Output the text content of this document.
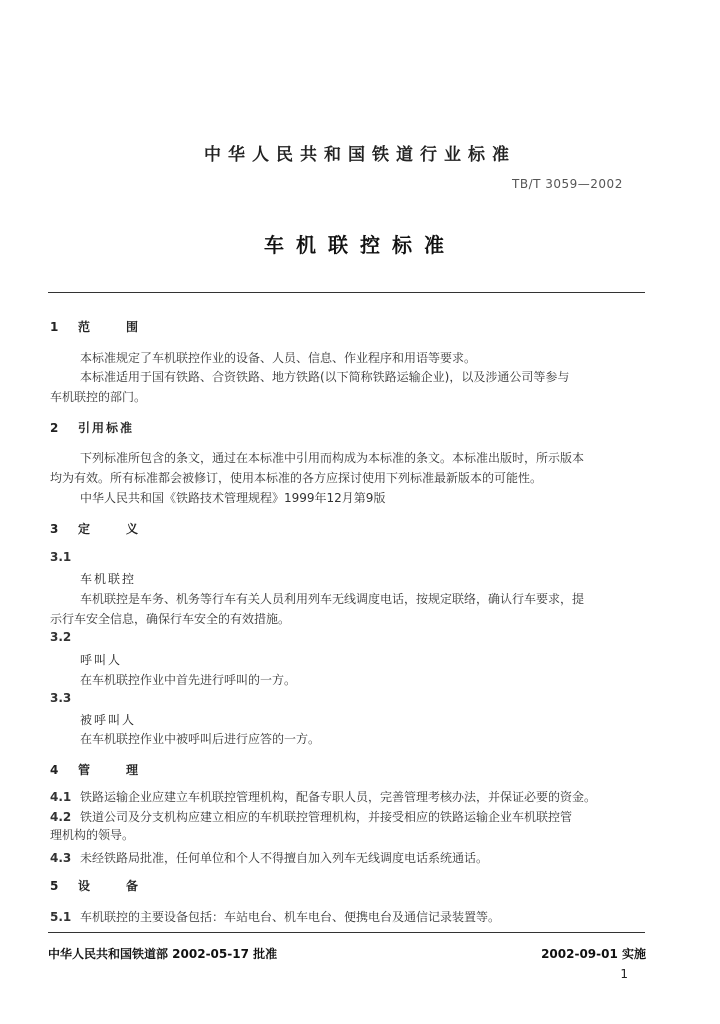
中华人民共和国铁道行业标准
TB/T 3059—2002
车机联控标准
1 范　围
本标准规定了车机联控作业的设备、人员、信息、作业程序和用语等要求。
本标准适用于国有铁路、合资铁路、地方铁路(以下简称铁路运输企业)，以及涉通公司等参与
车机联控的部门。
2 引用标准
下列标准所包含的条文，通过在本标准中引用而构成为本标准的条文。本标准出版时，所示版本
均为有效。所有标准都会被修订，使用本标准的各方应探讨使用下列标准最新版本的可能性。
中华人民共和国《铁路技术管理规程》1999年12月第9版
3 定　义
3.1
车机联控
车机联控是车务、机务等行车有关人员利用列车无线调度电话，按规定联络，确认行车要求，提
示行车安全信息，确保行车安全的有效措施。
3.2
呼叫人
在车机联控作业中首先进行呼叫的一方。
3.3
被呼叫人
在车机联控作业中被呼叫后进行应答的一方。
4 管　理
4.1 铁路运输企业应建立车机联控管理机构，配备专职人员，完善管理考核办法，并保证必要的资金。
4.2 铁道公司及分支机构应建立相应的车机联控管理机构，并接受相应的铁路运输企业车机联控管
理机构的领导。
4.3 未经铁路局批准，任何单位和个人不得擅自加入列车无线调度电话系统通话。
5 设　备
5.1 车机联控的主要设备包括：车站电台、机车电台、便携电台及通信记录装置等。
中华人民共和国铁道部 2002-05-17 批准	2002-09-01 实施
1
